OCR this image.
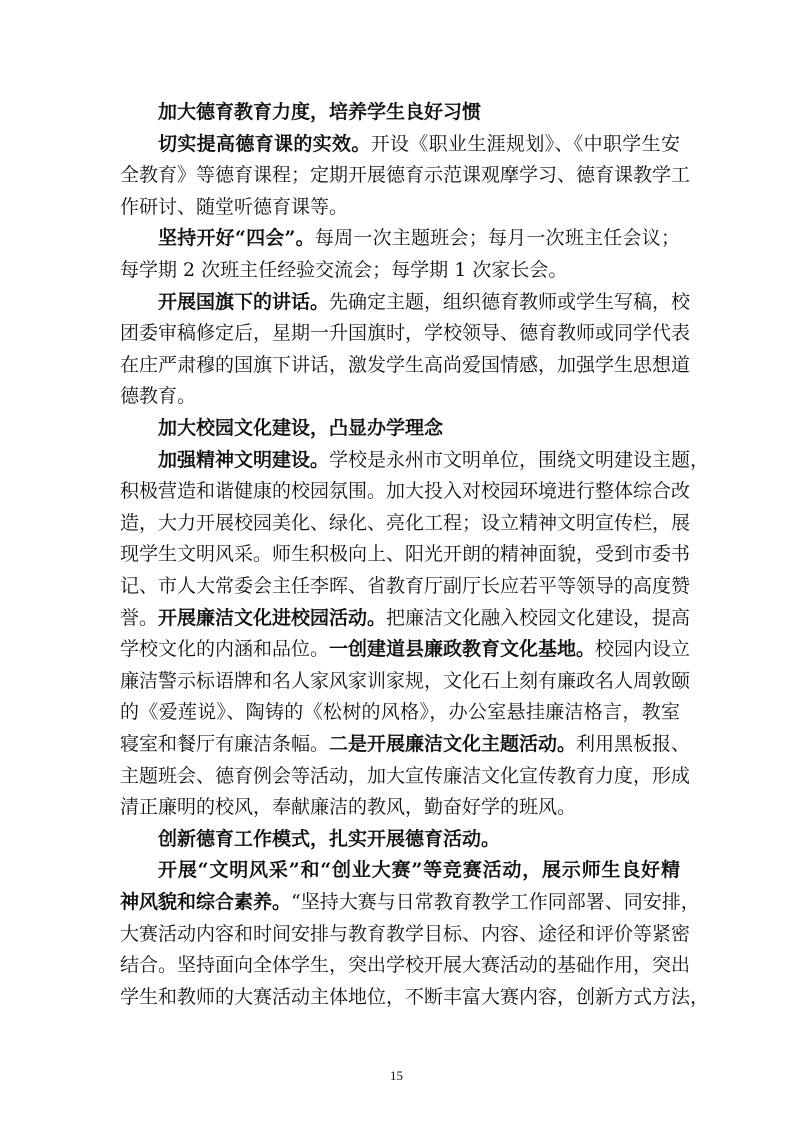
加大德育教育力度，培养学生良好习惯
切实提高德育课的实效。开设《职业生涯规划》、《中职学生安
全教育》等德育课程；定期开展德育示范课观摩学习、德育课教学工
作研讨、随堂听德育课等。
坚持开好“四会”。每周一次主题班会；每月一次班主任会议；
每学期 2 次班主任经验交流会；每学期 1 次家长会。
开展国旗下的讲话。先确定主题，组织德育教师或学生写稿，校
团委审稿修定后，星期一升国旗时，学校领导、德育教师或同学代表
在庄严肃穆的国旗下讲话，激发学生高尚爱国情感，加强学生思想道
德教育。
加大校园文化建设，凸显办学理念
加强精神文明建设。学校是永州市文明单位，围绕文明建设主题，
积极营造和谐健康的校园氛围。加大投入对校园环境进行整体综合改
造，大力开展校园美化、绿化、亮化工程；设立精神文明宣传栏，展
现学生文明风采。师生积极向上、阳光开朗的精神面貌，受到市委书
记、市人大常委会主任李晖、省教育厅副厅长应若平等领导的高度赞
誉。开展廉洁文化进校园活动。把廉洁文化融入校园文化建设，提高
学校文化的内涵和品位。一创建道县廉政教育文化基地。校园内设立
廉洁警示标语牌和名人家风家训家规，文化石上刻有廉政名人周敦颐
的《爱莲说》、陶铸的《松树的风格》，办公室悬挂廉洁格言，教室
寝室和餐厅有廉洁条幅。二是开展廉洁文化主题活动。利用黑板报、
主题班会、德育例会等活动，加大宣传廉洁文化宣传教育力度，形成
清正廉明的校风，奉献廉洁的教风，勤奋好学的班风。
创新德育工作模式，扎实开展德育活动。
开展“文明风采”和“创业大赛”等竞赛活动，展示师生良好精
神风貌和综合素养。“坚持大赛与日常教育教学工作同部署、同安排，
大赛活动内容和时间安排与教育教学目标、内容、途径和评价等紧密
结合。坚持面向全体学生，突出学校开展大赛活动的基础作用，突出
学生和教师的大赛活动主体地位，不断丰富大赛内容，创新方式方法，
15
